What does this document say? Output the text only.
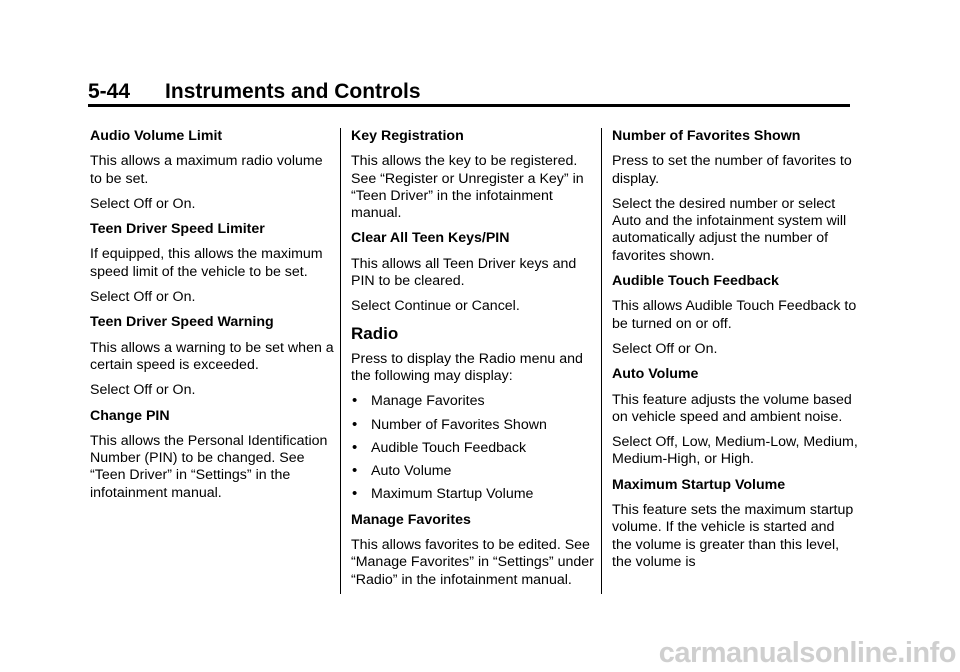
5-44      Instruments and Controls
Audio Volume Limit
This allows a maximum radio volume to be set.
Select Off or On.
Teen Driver Speed Limiter
If equipped, this allows the maximum speed limit of the vehicle to be set.
Select Off or On.
Teen Driver Speed Warning
This allows a warning to be set when a certain speed is exceeded.
Select Off or On.
Change PIN
This allows the Personal Identification Number (PIN) to be changed. See “Teen Driver” in “Settings” in the infotainment manual.
Key Registration
This allows the key to be registered. See “Register or Unregister a Key” in “Teen Driver” in the infotainment manual.
Clear All Teen Keys/PIN
This allows all Teen Driver keys and PIN to be cleared.
Select Continue or Cancel.
Radio
Press to display the Radio menu and the following may display:
• Manage Favorites
• Number of Favorites Shown
• Audible Touch Feedback
• Auto Volume
• Maximum Startup Volume
Manage Favorites
This allows favorites to be edited. See “Manage Favorites” in “Settings” under “Radio” in the infotainment manual.
Number of Favorites Shown
Press to set the number of favorites to display.
Select the desired number or select Auto and the infotainment system will automatically adjust the number of favorites shown.
Audible Touch Feedback
This allows Audible Touch Feedback to be turned on or off.
Select Off or On.
Auto Volume
This feature adjusts the volume based on vehicle speed and ambient noise.
Select Off, Low, Medium-Low, Medium, Medium-High, or High.
Maximum Startup Volume
This feature sets the maximum startup volume. If the vehicle is started and the volume is greater than this level, the volume is
carmanualsonline.info
